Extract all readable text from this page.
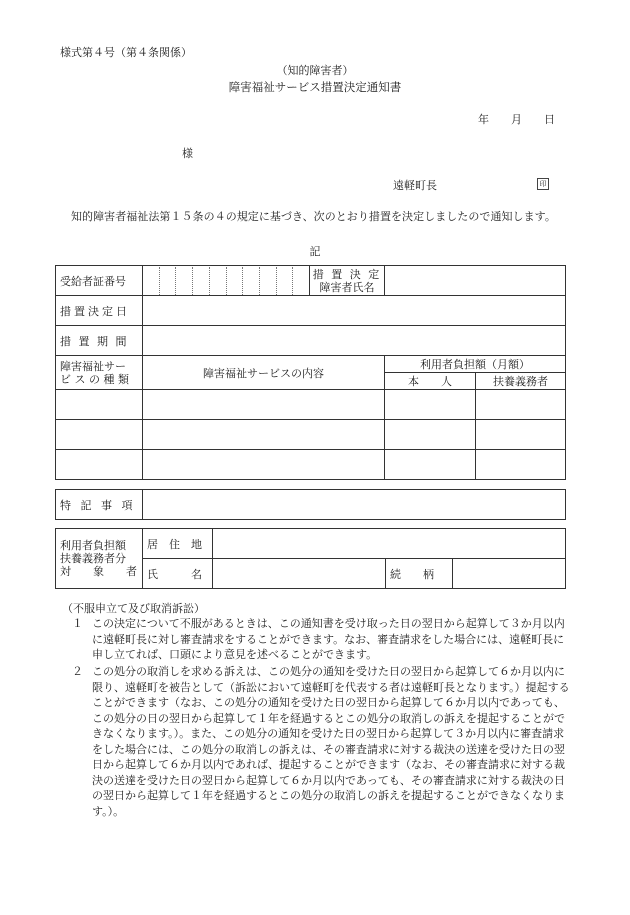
様式第４号（第４条関係）
（知的障害者）
障害福祉サービス措置決定通知書
年 月 日
様
遠軽町長	印
知的障害者福祉法第１５条の４の規定に基づき、次のとおり措置を決定しましたので通知します。
記
受給者証番号		措 置 決 定
障害者氏名		

措置決定日				
措 置 期 間				

障害福祉サー
ビ ス の 種 類	障害福祉サービスの内容		利用者負担額（月額）	
			本　　人	扶養義務者

特 記 事 項	
利用者負担額
扶養義務者分
対　　象　　者	居　住　地			
	氏　　　名		続　　柄	
（不服申立て及び取消訴訟）
１ この決定について不服があるときは、この通知書を受け取った日の翌日から起算して３か月以内に遠軽町長に対し審査請求をすることができます。なお、審査請求をした場合には、遠軽町長に申し立てれば、口頭により意見を述べることができます。
２ この処分の取消しを求める訴えは、この処分の通知を受けた日の翌日から起算して６か月以内に限り、遠軽町を被告として（訴訟において遠軽町を代表する者は遠軽町長となります。）提起することができます（なお、この処分の通知を受けた日の翌日から起算して６か月以内であっても、この処分の日の翌日から起算して１年を経過するとこの処分の取消しの訴えを提起することができなくなります。）。また、この処分の通知を受けた日の翌日から起算して３か月以内に審査請求をした場合には、この処分の取消しの訴えは、その審査請求に対する裁決の送達を受けた日の翌日から起算して６か月以内であれば、提起することができます（なお、その審査請求に対する裁決の送達を受けた日の翌日から起算して６か月以内であっても、その審査請求に対する裁決の日の翌日から起算して１年を経過するとこの処分の取消しの訴えを提起することができなくなります。）。
